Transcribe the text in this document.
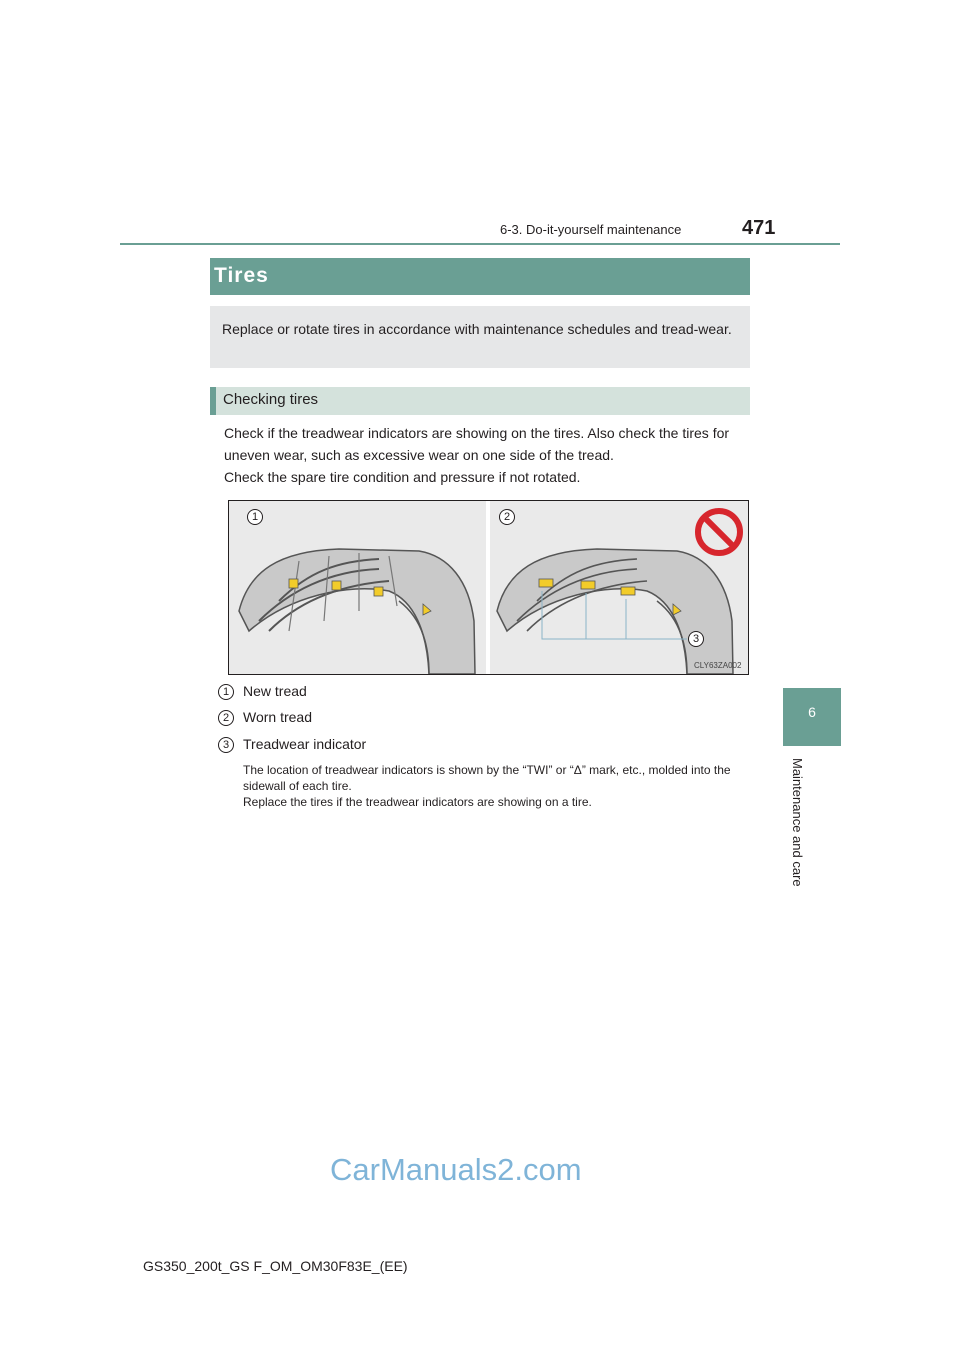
6-3. Do-it-yourself maintenance	471
6
Maintenance and care
Tires
Replace or rotate tires in accordance with maintenance schedules and tread-wear.
Checking tires

Check if the treadwear indicators are showing on the tires. Also check the tires for uneven wear, such as excessive wear on one side of the tread.

Check the spare tire condition and pressure if not rotated.

1	2
3
CLY63ZA002
1 New tread
2 Worn tread
3 Treadwear indicator
The location of treadwear indicators is shown by the “TWI” or “Δ” mark, etc., molded into the sidewall of each tire.
Replace the tires if the treadwear indicators are showing on a tire.
GS350_200t_GS F_OM_OM30F83E_(EE)
CarManuals2.com
